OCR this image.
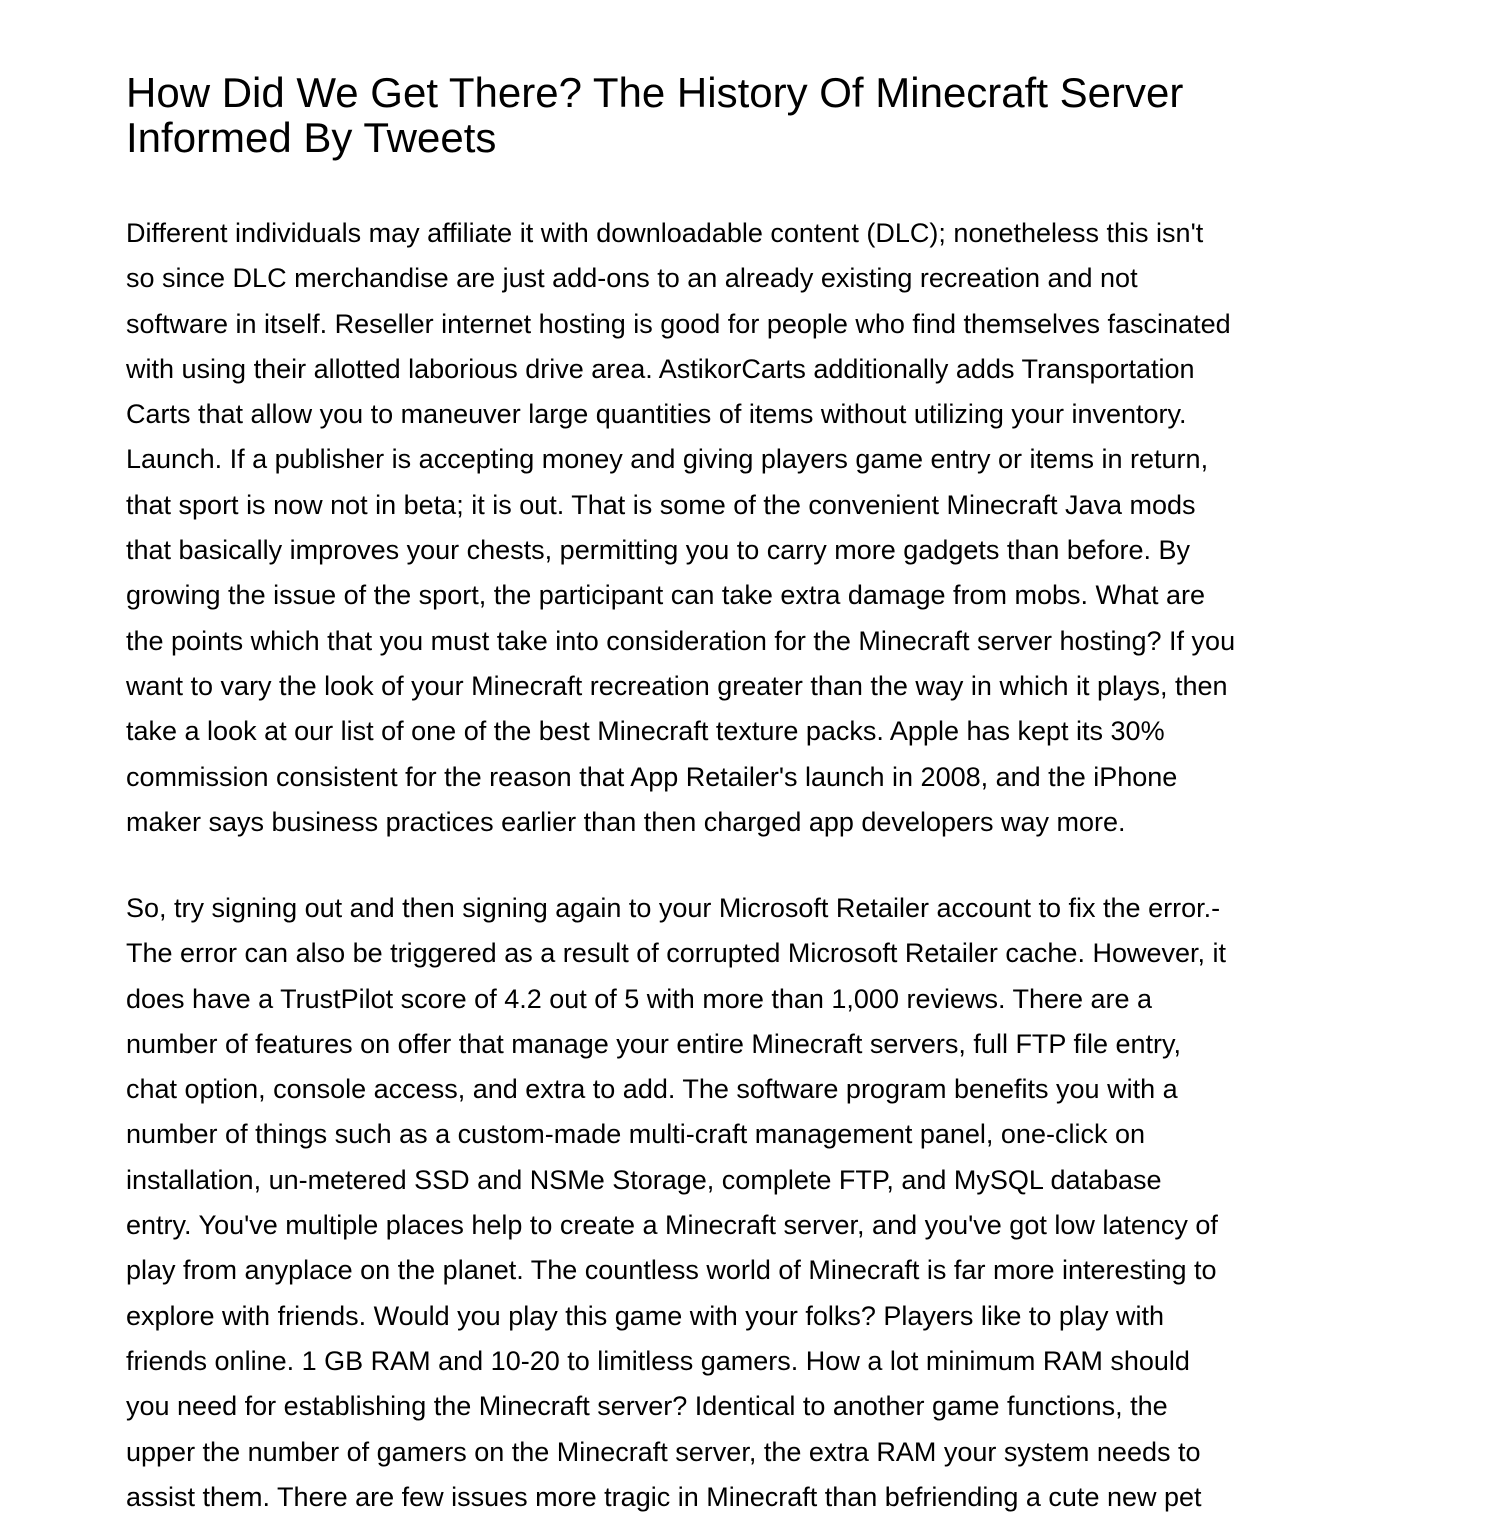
How Did We Get There? The History Of Minecraft Server
Informed By Tweets
Different individuals may affiliate it with downloadable content (DLC); nonetheless this isn't
so since DLC merchandise are just add-ons to an already existing recreation and not
software in itself. Reseller internet hosting is good for people who find themselves fascinated
with using their allotted laborious drive area. AstikorCarts additionally adds Transportation
Carts that allow you to maneuver large quantities of items without utilizing your inventory.
Launch. If a publisher is accepting money and giving players game entry or items in return,
that sport is now not in beta; it is out. That is some of the convenient Minecraft Java mods
that basically improves your chests, permitting you to carry more gadgets than before. By
growing the issue of the sport, the participant can take extra damage from mobs. What are
the points which that you must take into consideration for the Minecraft server hosting? If you
want to vary the look of your Minecraft recreation greater than the way in which it plays, then
take a look at our list of one of the best Minecraft texture packs. Apple has kept its 30%
commission consistent for the reason that App Retailer's launch in 2008, and the iPhone
maker says business practices earlier than then charged app developers way more.
So, try signing out and then signing again to your Microsoft Retailer account to fix the error.-
The error can also be triggered as a result of corrupted Microsoft Retailer cache. However, it
does have a TrustPilot score of 4.2 out of 5 with more than 1,000 reviews. There are a
number of features on offer that manage your entire Minecraft servers, full FTP file entry,
chat option, console access, and extra to add. The software program benefits you with a
number of things such as a custom-made multi-craft management panel, one-click on
installation, un-metered SSD and NSMe Storage, complete FTP, and MySQL database
entry. You've multiple places help to create a Minecraft server, and you've got low latency of
play from anyplace on the planet. The countless world of Minecraft is far more interesting to
explore with friends. Would you play this game with your folks? Players like to play with
friends online. 1 GB RAM and 10-20 to limitless gamers. How a lot minimum RAM should
you need for establishing the Minecraft server? Identical to another game functions, the
upper the number of gamers on the Minecraft server, the extra RAM your system needs to
assist them. There are few issues more tragic in Minecraft than befriending a cute new pet
